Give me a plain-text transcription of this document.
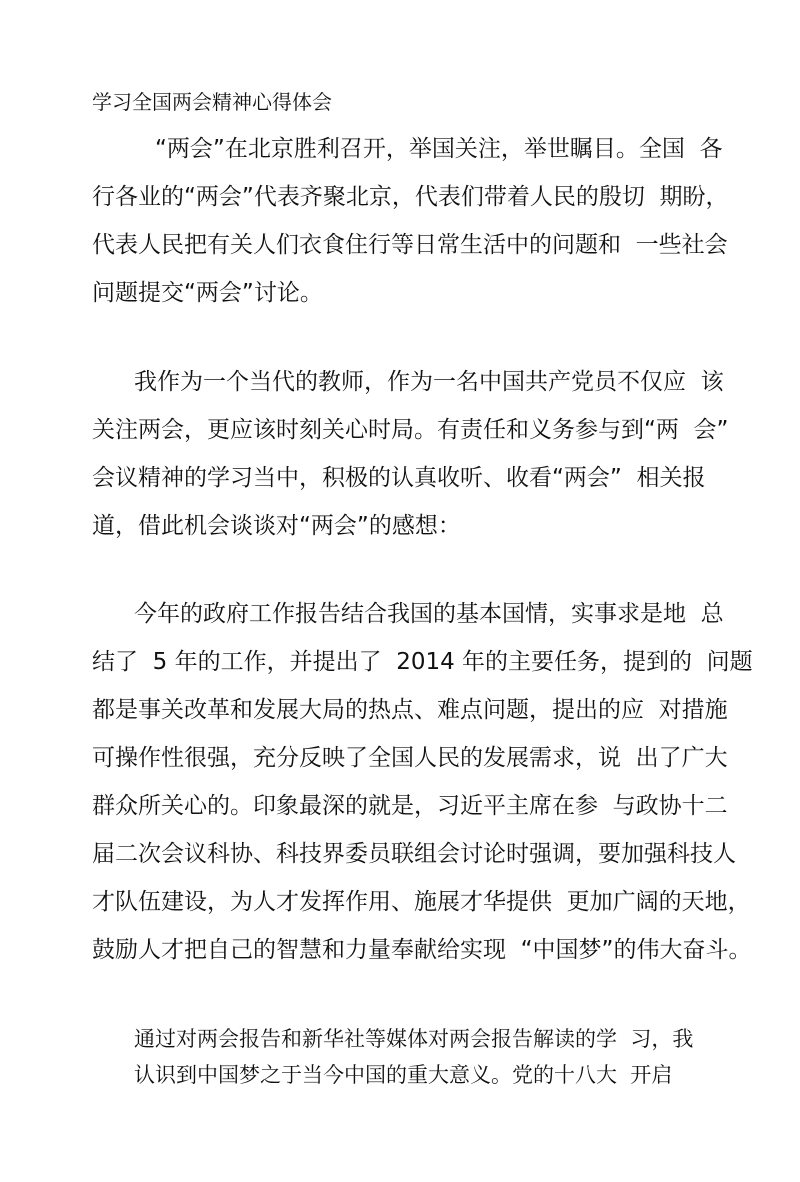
学习全国两会精神心得体会
“两会”在北京胜利召开，举国关注，举世瞩目。全国  各
行各业的“两会”代表齐聚北京，代表们带着人民的殷切  期盼，
代表人民把有关人们衣食住行等日常生活中的问题和  一些社会
问题提交“两会”讨论。
我作为一个当代的教师，作为一名中国共产党员不仅应  该
关注两会，更应该时刻关心时局。有责任和义务参与到“两  会”
会议精神的学习当中，积极的认真收听、收看“两会”  相关报
道，借此机会谈谈对“两会”的感想：
今年的政府工作报告结合我国的基本国情，实事求是地  总
结了  5 年的工作，并提出了  2014 年的主要任务，提到的  问题
都是事关改革和发展大局的热点、难点问题，提出的应  对措施
可操作性很强，充分反映了全国人民的发展需求，说  出了广大
群众所关心的。印象最深的就是，习近平主席在参  与政协十二
届二次会议科协、科技界委员联组会讨论时强调，要加强科技人
才队伍建设，为人才发挥作用、施展才华提供  更加广阔的天地，
鼓励人才把自己的智慧和力量奉献给实现  “中国梦”的伟大奋斗。
通过对两会报告和新华社等媒体对两会报告解读的学  习，我
认识到中国梦之于当今中国的重大意义。党的十八大  开启
